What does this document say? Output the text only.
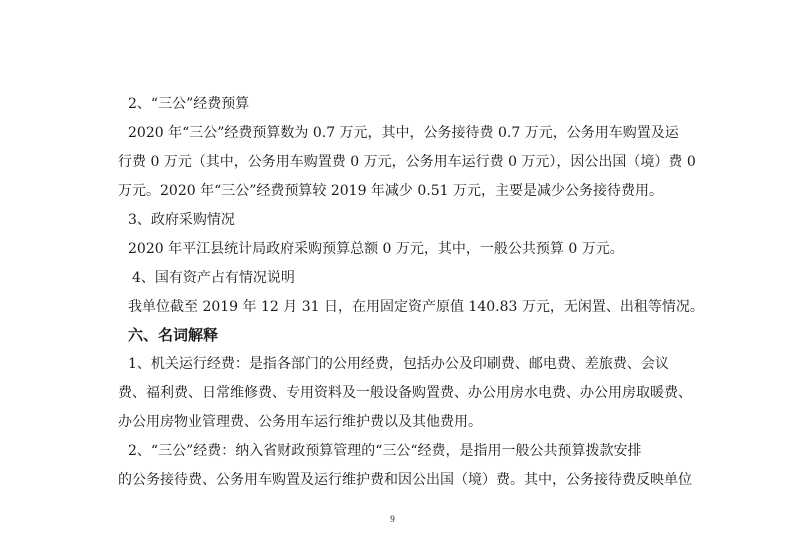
2、“三公”经费预算
2020 年“三公”经费预算数为 0.7 万元，其中，公务接待费 0.7 万元，公务用车购置及运
行费 0 万元（其中，公务用车购置费 0 万元，公务用车运行费 0 万元），因公出国（境）费 0
万元。2020 年“三公”经费预算较 2019 年减少 0.51 万元，主要是减少公务接待费用。
3、政府采购情况
2020 年平江县统计局政府采购预算总额 0 万元，其中，一般公共预算 0 万元。
4、国有资产占有情况说明
我单位截至 2019 年 12 月 31 日，在用固定资产原值 140.83 万元，无闲置、出租等情况。
六、名词解释
1、机关运行经费：是指各部门的公用经费，包括办公及印刷费、邮电费、差旅费、会议
费、福利费、日常维修费、专用资料及一般设备购置费、办公用房水电费、办公用房取暖费、
办公用房物业管理费、公务用车运行维护费以及其他费用。
2、“三公”经费：纳入省财政预算管理的“三公“经费，是指用一般公共预算拨款安排
的公务接待费、公务用车购置及运行维护费和因公出国（境）费。其中，公务接待费反映单位
9
